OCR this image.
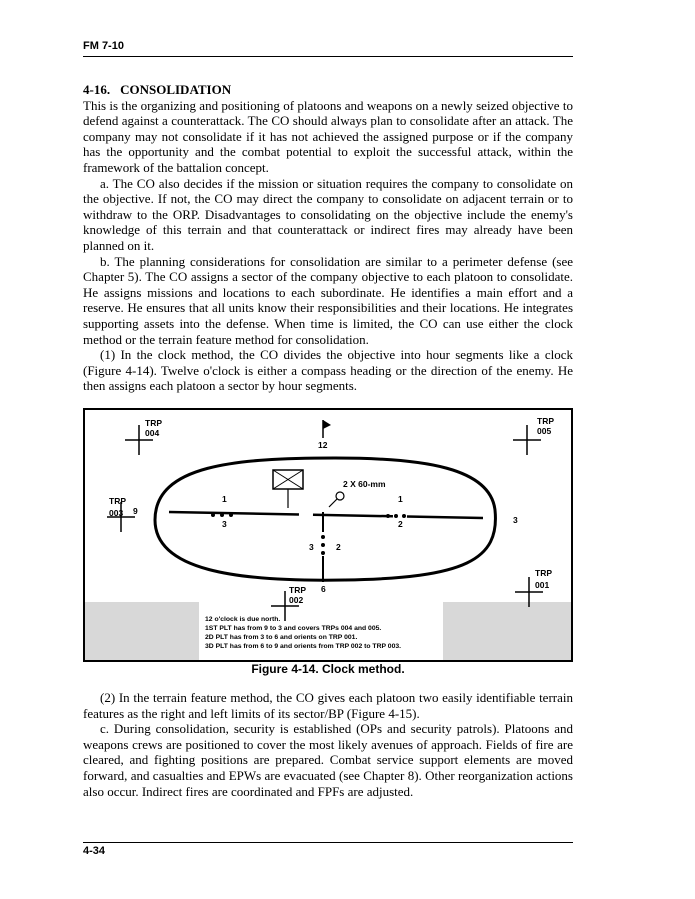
FM 7-10
4-16. CONSOLIDATION

This is the organizing and positioning of platoons and weapons on a newly seized objective to defend against a counterattack. The CO should always plan to consolidate after an attack. The company may not consolidate if it has not achieved the assigned purpose or if the company has the opportunity and the combat potential to exploit the successful attack, within the framework of the battalion concept.

a. The CO also decides if the mission or situation requires the company to consolidate on the objective. If not, the CO may direct the company to consolidate on adjacent terrain or to withdraw to the ORP. Disadvantages to consolidating on the objective include the enemy's knowledge of this terrain and that counterattack or indirect fires may already have been planned on it.

b. The planning considerations for consolidation are similar to a perimeter defense (see Chapter 5). The CO assigns a sector of the company objective to each platoon to consolidate. He assigns missions and locations to each subordinate. He identifies a main effort and a reserve. He ensures that all units know their responsibilities and their locations. He integrates supporting assets into the defense. When time is limited, the CO can use either the clock method or the terrain feature method for consolidation.

(1) In the clock method, the CO divides the objective into hour segments like a clock (Figure 4-14). Twelve o'clock is either a compass heading or the direction of the enemy. He then assigns each platoon a sector by hour segments.

TRP
004
TRP
005
TRP
003
TRP
001
TRP
002
12
3
6
9
2 X 60-mm
1
3
1
2
3	2
12 o'clock is due north.
1ST PLT has from 9 to 3 and covers TRPs 004 and 005.
2D PLT has from 3 to 6 and orients on TRP 001.
3D PLT has from 6 to 9 and orients from TRP 002 to TRP 003.
Figure 4-14. Clock method.

(2) In the terrain feature method, the CO gives each platoon two easily identifiable terrain features as the right and left limits of its sector/BP (Figure 4-15).

c. During consolidation, security is established (OPs and security patrols). Platoons and weapons crews are positioned to cover the most likely avenues of approach. Fields of fire are cleared, and fighting positions are prepared. Combat service support elements are moved forward, and casualties and EPWs are evacuated (see Chapter 8). Other reorganization actions also occur. Indirect fires are coordinated and FPFs are adjusted.

4-34
